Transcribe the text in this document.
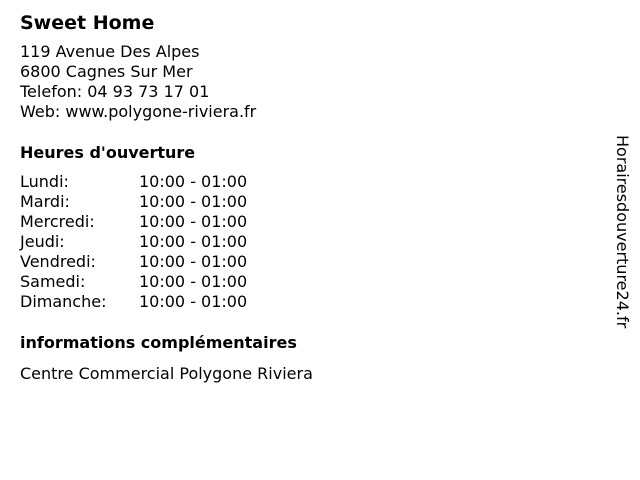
Sweet Home
119 Avenue Des Alpes
6800 Cagnes Sur Mer
Telefon: 04 93 73 17 01
Web: www.polygone-riviera.fr
Heures d'ouverture
Lundi:	10:00 - 01:00
Mardi:	10:00 - 01:00
Mercredi:	10:00 - 01:00
Jeudi:	10:00 - 01:00
Vendredi:	10:00 - 01:00
Samedi:	10:00 - 01:00
Dimanche:	10:00 - 01:00
informations complémentaires
Centre Commercial Polygone Riviera
Horairesdouverture24.fr
